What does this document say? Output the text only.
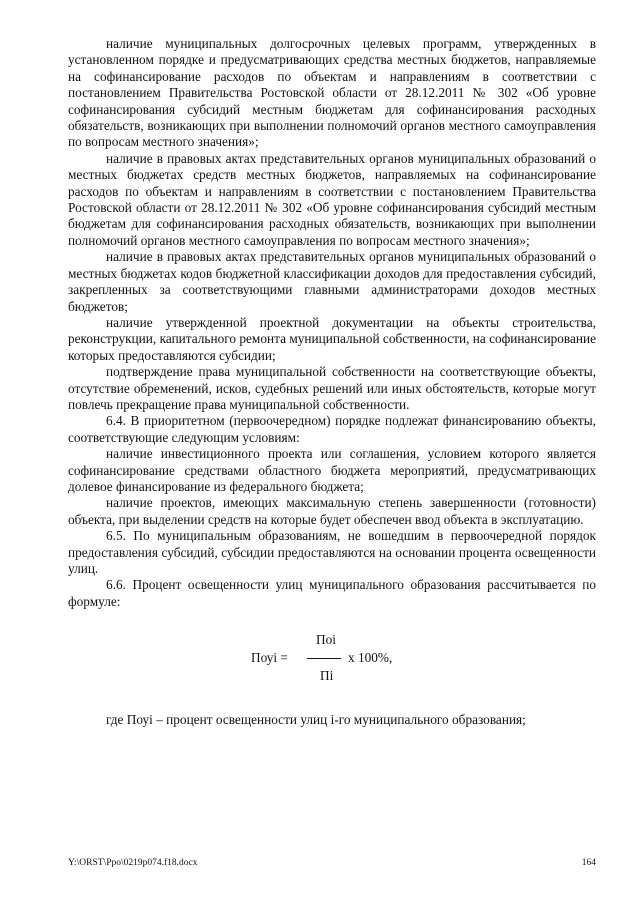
наличие муниципальных долгосрочных целевых программ, утвержденных в установленном порядке и предусматривающих средства местных бюджетов, направляемые на софинансирование расходов по объектам и направлениям в соответствии с постановлением Правительства Ростовской области от 28.12.2011 № 302 «Об уровне софинансирования субсидий местным бюджетам для софинансирования расходных обязательств, возникающих при выполнении полномочий органов местного самоуправления по вопросам местного значения»;

наличие в правовых актах представительных органов муниципальных образований о местных бюджетах средств местных бюджетов, направляемых на софинансирование расходов по объектам и направлениям в соответствии с постановлением Правительства Ростовской области от 28.12.2011 № 302 «Об уровне софинансирования субсидий местным бюджетам для софинансирования расходных обязательств, возникающих при выполнении полномочий органов местного самоуправления по вопросам местного значения»;

наличие в правовых актах представительных органов муниципальных образований о местных бюджетах кодов бюджетной классификации доходов для предоставления субсидий, закрепленных за соответствующими главными администраторами доходов местных бюджетов;

наличие утвержденной проектной документации на объекты строительства, реконструкции, капитального ремонта муниципальной собственности, на софинансирование которых предоставляются субсидии;

подтверждение права муниципальной собственности на соответствующие объекты, отсутствие обременений, исков, судебных решений или иных обстоятельств, которые могут повлечь прекращение права муниципальной собственности.

6.4. В приоритетном (первоочередном) порядке подлежат финансированию объекты, соответствующие следующим условиям:

наличие инвестиционного проекта или соглашения, условием которого является софинансирование средствами областного бюджета мероприятий, предусматривающих долевое финансирование из федерального бюджета;

наличие проектов, имеющих максимальную степень завершенности (готовности) объекта, при выделении средств на которые будет обеспечен ввод объекта в эксплуатацию.

6.5. По муниципальным образованиям, не вошедшим в первоочередной порядок предоставления субсидий, субсидии предоставляются на основании процента освещенности улиц.

6.6. Процент освещенности улиц муниципального образования рассчитывается по формуле:

Поі
Поуі =	х 100%,
Пі

где Поуі – процент освещенности улиц і-го муниципального образования;

Y:\ORST\Ppo\0219p074.f18.docx	164
